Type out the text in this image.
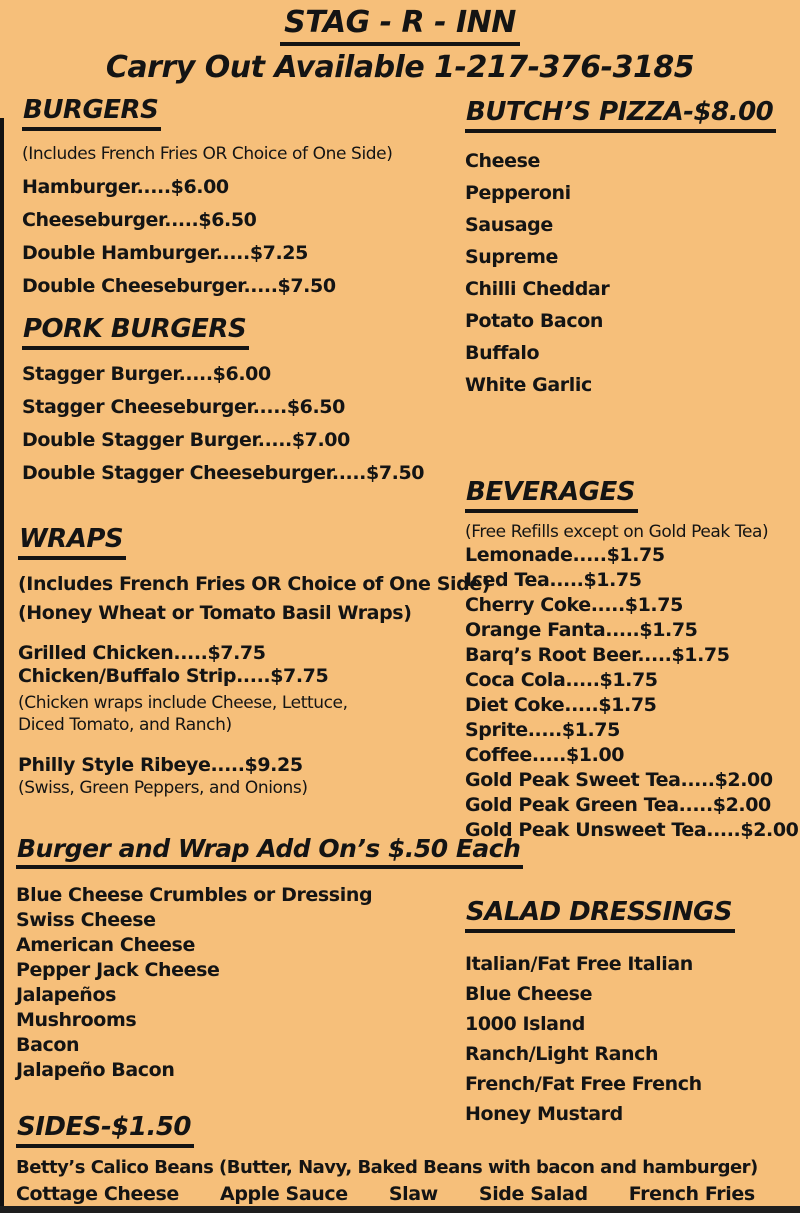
STAG - R - INN
Carry Out Available 1-217-376-3185
BURGERS
(Includes French Fries OR Choice of One Side)
Hamburger.....$6.00
Cheeseburger.....$6.50
Double Hamburger.....$7.25
Double Cheeseburger.....$7.50
PORK BURGERS
Stagger Burger.....$6.00
Stagger Cheeseburger.....$6.50
Double Stagger Burger.....$7.00
Double Stagger Cheeseburger.....$7.50
WRAPS
(Includes French Fries OR Choice of One Side)
(Honey Wheat or Tomato Basil Wraps)
Grilled Chicken.....$7.75
Chicken/Buffalo Strip.....$7.75
(Chicken wraps include Cheese, Lettuce, Diced Tomato, and Ranch)
Philly Style Ribeye.....$9.25
(Swiss, Green Peppers, and Onions)
Burger and Wrap Add On’s $.50 Each
Blue Cheese Crumbles or Dressing
Swiss Cheese
American Cheese
Pepper Jack Cheese
Jalapeños
Mushrooms
Bacon
Jalapeño Bacon
SIDES-$1.50
Betty’s Calico Beans (Butter, Navy, Baked Beans with bacon and hamburger)
Cottage Cheese Apple Sauce Slaw Side Salad French Fries
BUTCH’S PIZZA-$8.00
Cheese
Pepperoni
Sausage
Supreme
Chilli Cheddar
Potato Bacon
Buffalo
White Garlic
BEVERAGES
(Free Refills except on Gold Peak Tea)
Lemonade.....$1.75
Iced Tea.....$1.75
Cherry Coke.....$1.75
Orange Fanta.....$1.75
Barq’s Root Beer.....$1.75
Coca Cola.....$1.75
Diet Coke.....$1.75
Sprite.....$1.75
Coffee.....$1.00
Gold Peak Sweet Tea.....$2.00
Gold Peak Green Tea.....$2.00
Gold Peak Unsweet Tea.....$2.00
SALAD DRESSINGS
Italian/Fat Free Italian
Blue Cheese
1000 Island
Ranch/Light Ranch
French/Fat Free French
Honey Mustard
